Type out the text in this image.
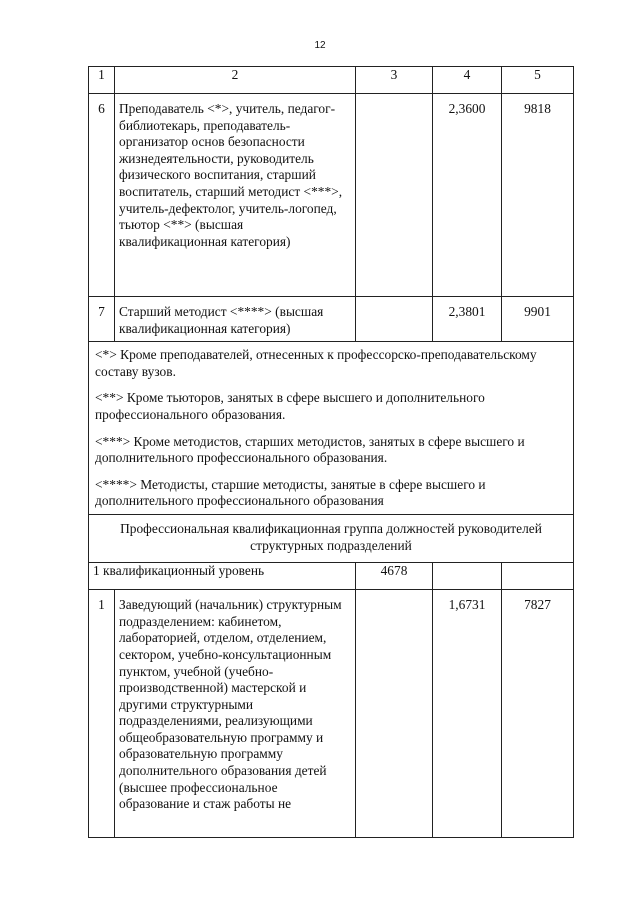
12
1	2	3	4	5
6	Преподаватель <*>, учитель, педагог-библиотекарь, преподаватель-организатор основ безопасности жизнедеятельности, руководитель физического воспитания, старший воспитатель, старший методист <***>, учитель-дефектолог, учитель-логопед, тьютор <**> (высшая квалификационная категория)		2,3600	9818
7	Старший методист <****> (высшая квалификационная категория)		2,3801	9901

<*> Кроме преподавателей, отнесенных к профессорско-преподавательскому составу вузов.

<**> Кроме тьюторов, занятых в сфере высшего и дополнительного профессионального образования.

<***> Кроме методистов, старших методистов, занятых в сфере высшего и дополнительного профессионального образования.

<****> Методисты, старшие методисты, занятые в сфере высшего и дополнительного профессионального образования				

Профессиональная квалификационная группа должностей руководителей структурных подразделений				
1 квалификационный уровень		4678		
1	Заведующий (начальник) структурным подразделением: кабинетом, лабораторией, отделом, отделением, сектором, учебно-консультационным пунктом, учебной (учебно-производственной) мастерской и другими структурными подразделениями, реализующими общеобразовательную программу и образовательную программу дополнительного образования детей (высшее профессиональное образование и стаж работы не		1,6731	7827
